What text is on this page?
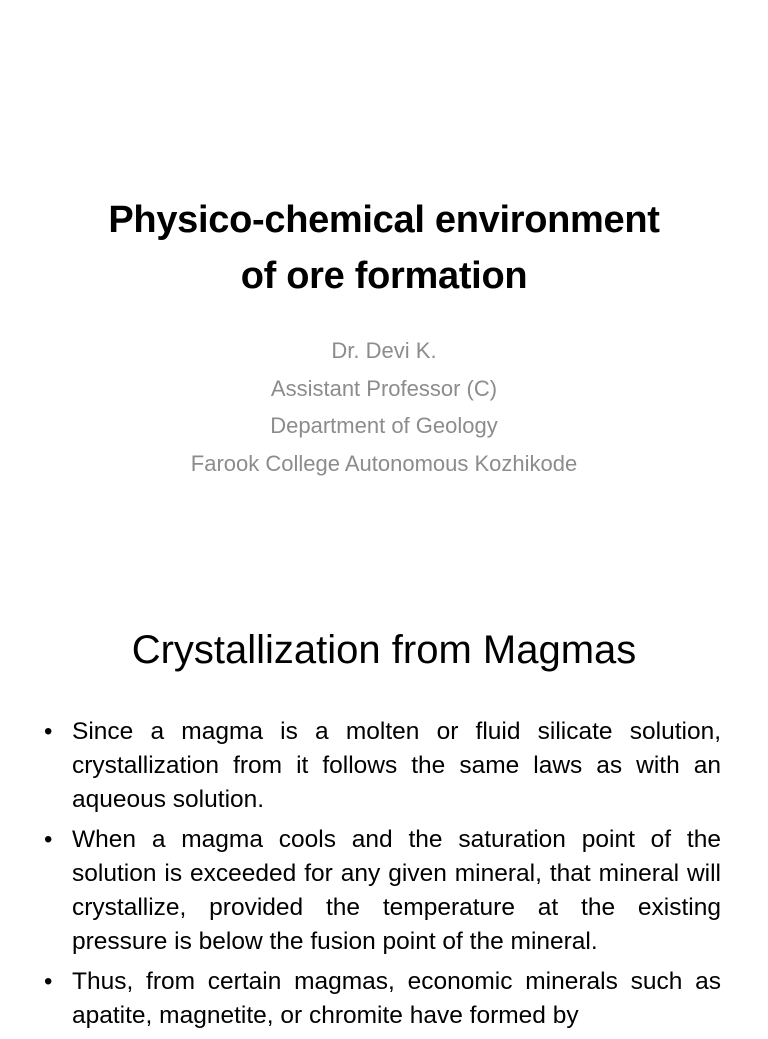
Physico-chemical environment
of ore formation
Dr. Devi K.
Assistant Professor (C)
Department of Geology
Farook College Autonomous Kozhikode
Crystallization from Magmas
• Since a magma is a molten or fluid silicate solution, crystallization from it follows the same laws as with an aqueous solution.
• When a magma cools and the saturation point of the solution is exceeded for any given mineral, that mineral will crystallize, provided the temperature at the existing pressure is below the fusion point of the mineral.
• Thus, from certain magmas, economic minerals such as apatite, magnetite, or chromite have formed by
